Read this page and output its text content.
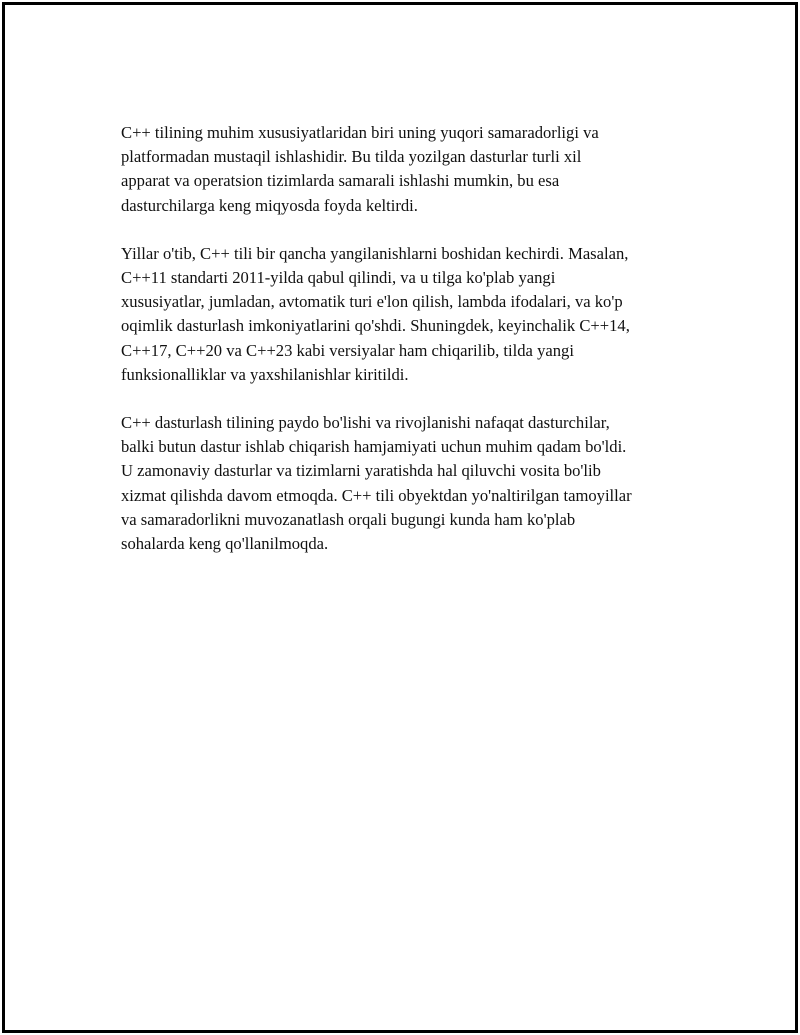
C++ tilining muhim xususiyatlaridan biri uning yuqori samaradorligi va
platformadan mustaqil ishlashidir. Bu tilda yozilgan dasturlar turli xil
apparat va operatsion tizimlarda samarali ishlashi mumkin, bu esa
dasturchilarga keng miqyosda foyda keltirdi.

Yillar o'tib, C++ tili bir qancha yangilanishlarni boshidan kechirdi. Masalan,
C++11 standarti 2011-yilda qabul qilindi, va u tilga ko'plab yangi
xususiyatlar, jumladan, avtomatik turi e'lon qilish, lambda ifodalari, va ko'p
oqimlik dasturlash imkoniyatlarini qo'shdi. Shuningdek, keyinchalik C++14,
C++17, C++20 va C++23 kabi versiyalar ham chiqarilib, tilda yangi
funksionalliklar va yaxshilanishlar kiritildi.

C++ dasturlash tilining paydo bo'lishi va rivojlanishi nafaqat dasturchilar,
balki butun dastur ishlab chiqarish hamjamiyati uchun muhim qadam bo'ldi.
U zamonaviy dasturlar va tizimlarni yaratishda hal qiluvchi vosita bo'lib
xizmat qilishda davom etmoqda. C++ tili obyektdan yo'naltirilgan tamoyillar
va samaradorlikni muvozanatlash orqali bugungi kunda ham ko'plab
sohalarda keng qo'llanilmoqda.
